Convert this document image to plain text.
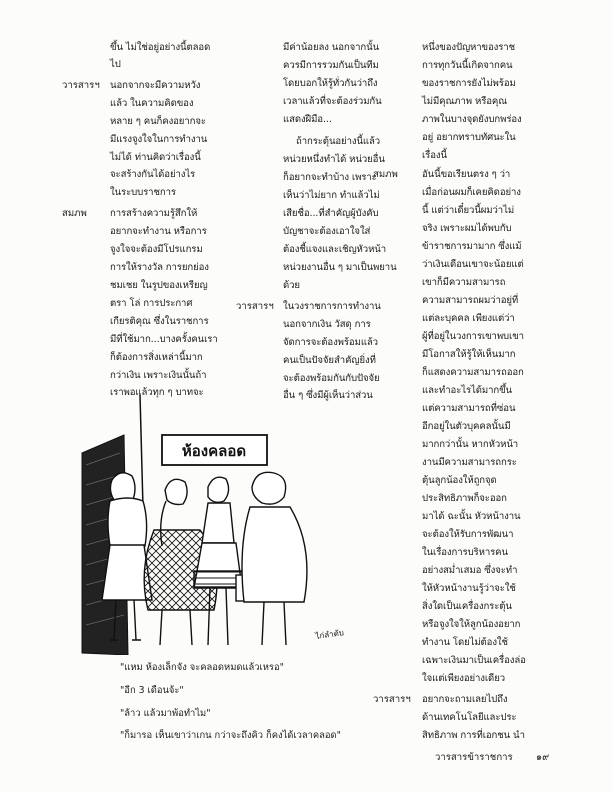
ขึ้น ไม่ใช่อยู่อย่างนี้ตลอด
ไป
วารสารฯ นอกจากจะมีความหวัง
แล้ว ในความคิดของ
หลาย ๆ คนก็คงอยากจะ
มีแรงจูงใจในการทำงาน
ไม่ได้ ท่านคิดว่าเรื่องนี้
จะสร้างกันได้อย่างไร
ในระบบราชการ
สมภพ การสร้างความรู้สึกให้
อยากจะทำงาน หรือการ
จูงใจจะต้องมีโปรแกรม
การให้รางวัล การยกย่อง
ชมเชย ในรูปของเหรียญ
ตรา โล่ การประกาศ
เกียรติคุณ ซึ่งในราชการ
มีที่ใช้มาก...บางครั้งคนเรา
ก็ต้องการสิ่งเหล่านี้มาก
กว่าเงิน เพราะเงินนั้นถ้า
เราพอแล้วทุก ๆ บาทจะ
มีค่าน้อยลง นอกจากนั้น
ควรมีการรวมกันเป็นทีม
โดยบอกให้รู้ทั่วกันว่าถึง
เวลาแล้วที่จะต้องร่วมกัน
แสดงฝีมือ...
ถ้ากระตุ้นอย่างนี้แล้ว
หน่วยหนึ่งทำได้ หน่วยอื่น
ก็อยากจะทำบ้าง เพราะ
เห็นว่าไม่ยาก ทำแล้วไม่
เสียชื่อ...ที่สำคัญผู้บังคับ
บัญชาจะต้องเอาใจใส่
ต้องชี้แจงและเชิญหัวหน้า
หน่วยงานอื่น ๆ มาเป็นพยาน
ด้วย
วารสารฯ ในวงราชการการทำงาน
นอกจากเงิน วัสดุ การ
จัดการจะต้องพร้อมแล้ว
คนเป็นปัจจัยสำคัญยิ่งที่
จะต้องพร้อมกันกับปัจจัย
อื่น ๆ ซึ่งมีผู้เห็นว่าส่วน
หนึ่งของปัญหาของราช
การทุกวันนี้เกิดจากคน
ของราชการยังไม่พร้อม
ไม่มีคุณภาพ หรือคุณ
ภาพในบางจุดยังบกพร่อง
อยู่ อยากทราบทัศนะใน
เรื่องนี้
สมภพ	อันนี้ขอเรียนตรง ๆ ว่า
เมื่อก่อนผมก็เคยคิดอย่าง
นี้ แต่ว่าเดี๋ยวนี้ผมว่าไม่
จริง เพราะผมได้พบกับ
ข้าราชการมามาก ซึ่งแม้
ว่าเงินเดือนเขาจะน้อยแต่
เขาก็มีความสามารถ
ความสามารถผมว่าอยู่ที่
แต่ละบุคคล เพียงแต่ว่า
ผู้ที่อยู่ในวงการเขาพบเขา
มีโอกาสให้รู้ให้เห็นมาก
ก็แสดงความสามารถออก
และทำอะไรได้มากขึ้น
แต่ความสามารถที่ซ่อน
อีกอยู่ในตัวบุคคลนั้นมี
มากกว่านั้น หากหัวหน้า
งานมีความสามารถกระ
ตุ้นลูกน้องให้ถูกจุด
ประสิทธิภาพก็จะออก
มาได้ ฉะนั้น หัวหน้างาน
จะต้องให้รับการพัฒนา
ในเรื่องการบริหารคน
อย่างสม่ำเสมอ ซึ่งจะทำ
ให้หัวหน้างานรู้ว่าจะใช้
สิ่งใดเป็นเครื่องกระตุ้น
หรือจูงใจให้ลูกน้องอยาก
ทำงาน โดยไม่ต้องใช้
เฉพาะเงินมาเป็นเครื่องล่อ
ใจแต่เพียงอย่างเดียว
วารสารฯ อยากจะถามเลยไปถึง
ด้านเทคโนโลยีและประ
สิทธิภาพ การที่เอกชน นำ
ห้องคลอด
ไก่ลำดับ
"แหม ห้องเล็กจัง จะคลอดหมดแล้วเหรอ"
"อีก 3 เดือนจ้ะ"
"ล้าว แล้วมาพ้อทำไม"
"ก็มารอ เห็นเขาว่าเกน กว่าจะถึงคิว ก็คงได้เวลาคลอด"
วารสารข้าราชการ ๑๙
